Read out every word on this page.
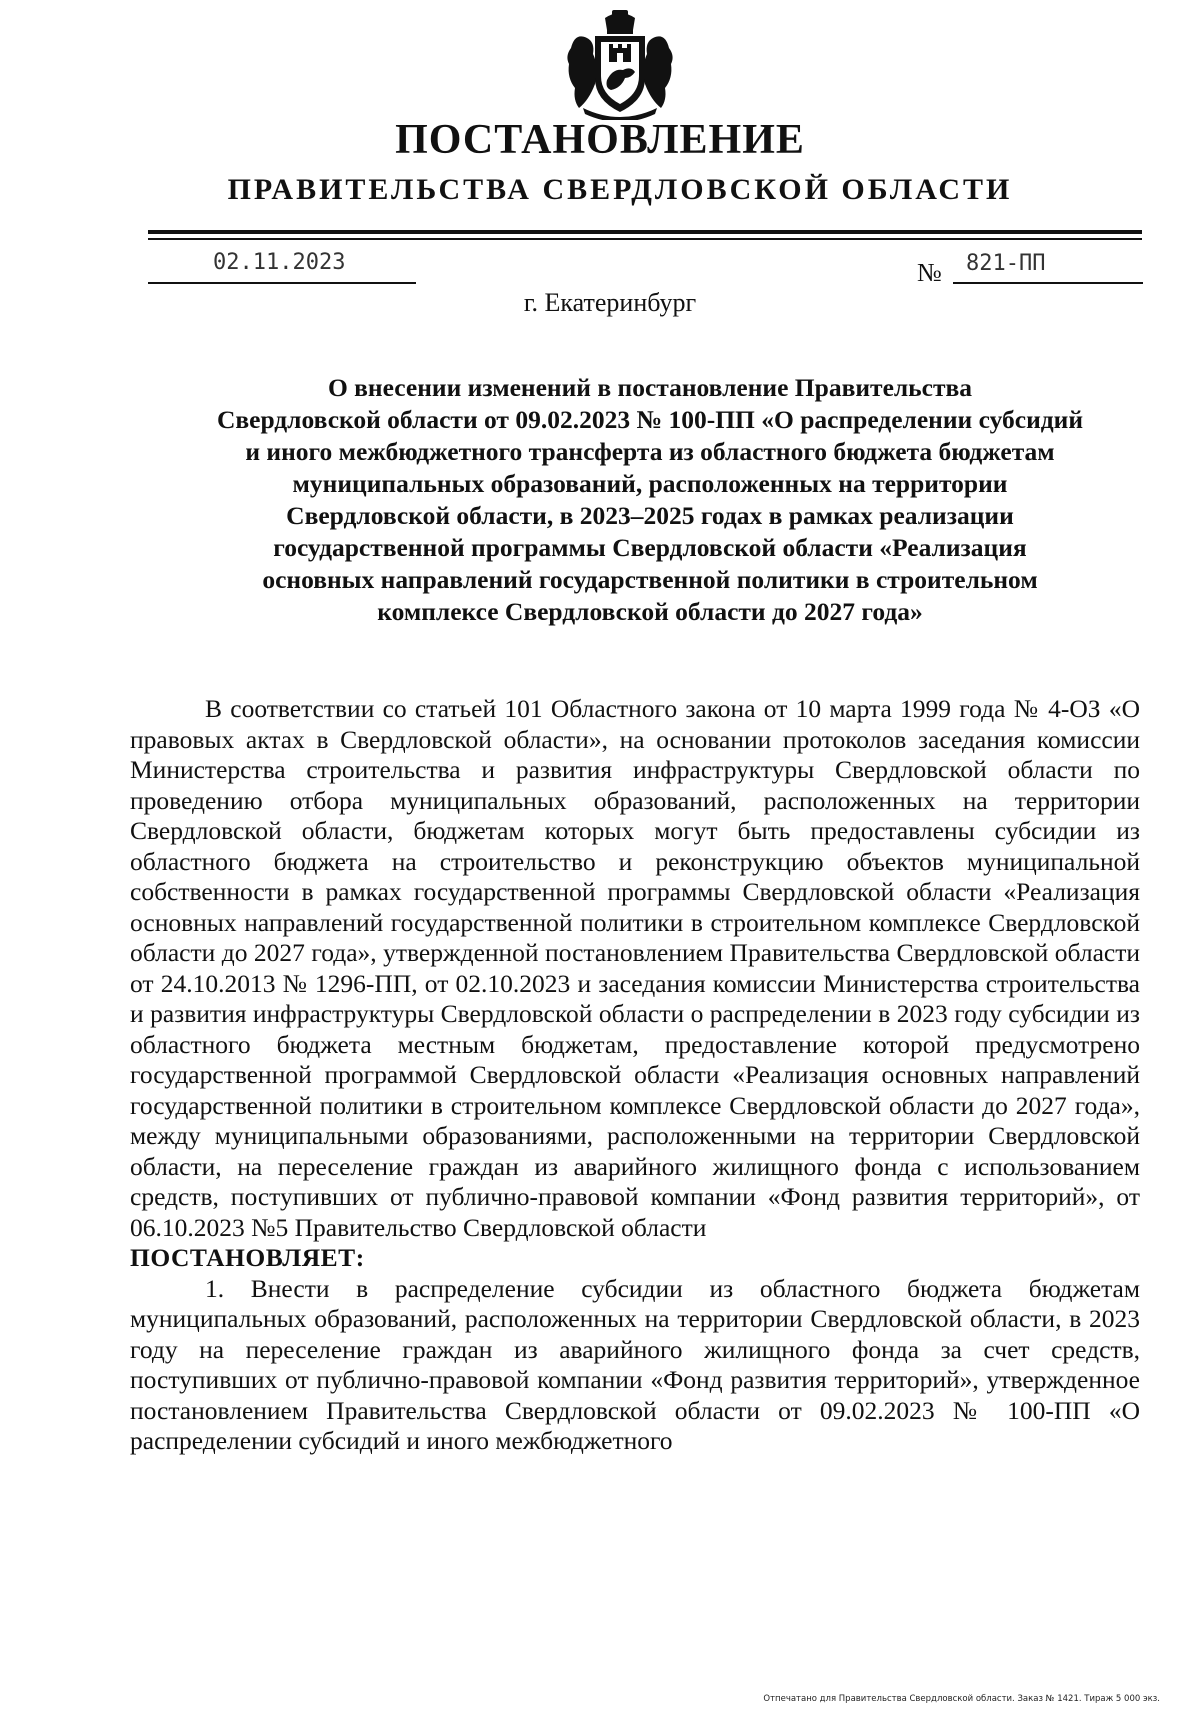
ПОСТАНОВЛЕНИЕ
ПРАВИТЕЛЬСТВА СВЕРДЛОВСКОЙ ОБЛАСТИ
02.11.2023	№ 821-ПП
г. Екатеринбург
О внесении изменений в постановление Правительства
Свердловской области от 09.02.2023 № 100-ПП «О распределении субсидий
и иного межбюджетного трансферта из областного бюджета бюджетам
муниципальных образований, расположенных на территории
Свердловской области, в 2023–2025 годах в рамках реализации
государственной программы Свердловской области «Реализация
основных направлений государственной политики в строительном
комплексе Свердловской области до 2027 года»

В соответствии со статьей 101 Областного закона от 10 марта 1999 года № 4-ОЗ «О правовых актах в Свердловской области», на основании протоколов заседания комиссии Министерства строительства и развития инфраструктуры Свердловской области по проведению отбора муниципальных образований, расположенных на территории Свердловской области, бюджетам которых могут быть предоставлены субсидии из областного бюджета на строительство и реконструкцию объектов муниципальной собственности в рамках государственной программы Свердловской области «Реализация основных направлений государственной политики в строительном комплексе Свердловской области до 2027 года», утвержденной постановлением Правительства Свердловской области от 24.10.2013 № 1296-ПП, от 02.10.2023 и заседания комиссии Министерства строительства и развития инфраструктуры Свердловской области о распределении в 2023 году субсидии из областного бюджета местным бюджетам, предоставление которой предусмотрено государственной программой Свердловской области «Реализация основных направлений государственной политики в строительном комплексе Свердловской области до 2027 года», между муниципальными образованиями, расположенными на территории Свердловской области, на переселение граждан из аварийного жилищного фонда с использованием средств, поступивших от публично-правовой компании «Фонд развития территорий», от 06.10.2023 №5 Правительство Свердловской области

ПОСТАНОВЛЯЕТ:

1. Внести в распределение субсидии из областного бюджета бюджетам муниципальных образований, расположенных на территории Свердловской области, в 2023 году на переселение граждан из аварийного жилищного фонда за счет средств, поступивших от публично-правовой компании «Фонд развития территорий», утвержденное постановлением Правительства Свердловской области от 09.02.2023 № 100-ПП «О распределении субсидий и иного межбюджетного

Отпечатано для Правительства Свердловской области. Заказ № 1421. Тираж 5 000 экз.
